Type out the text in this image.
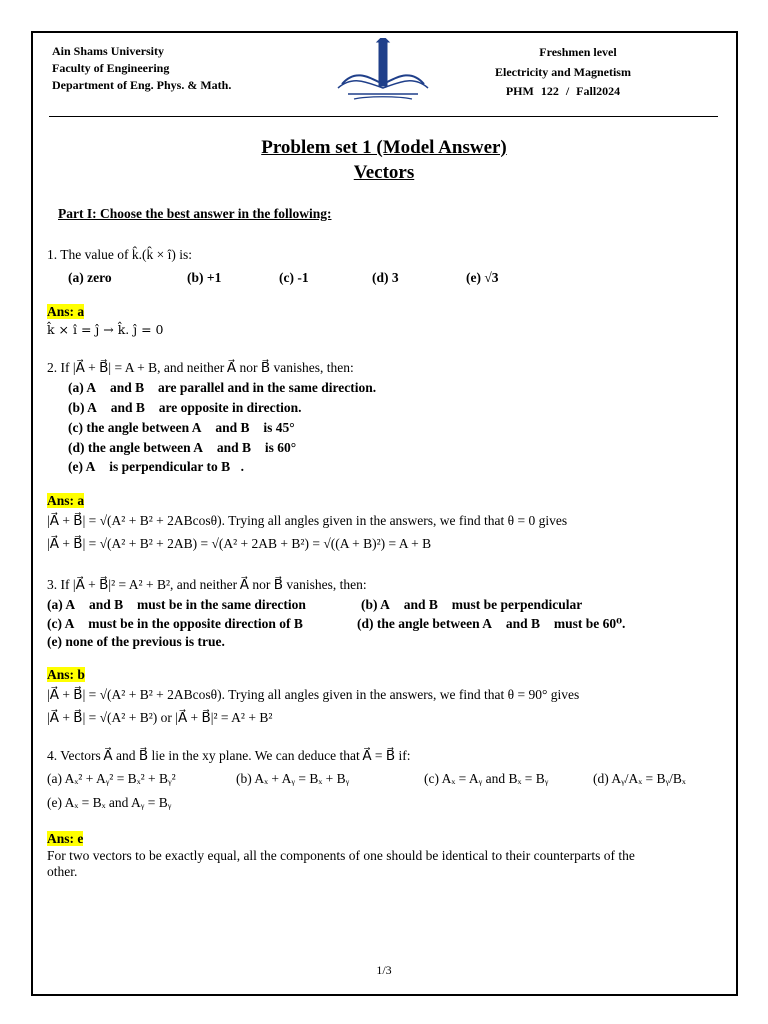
Ain Shams University
Faculty of Engineering
Department of Eng. Phys. & Math.
Freshmen level
Electricity and Magnetism
PHM 122 / Fall2024
Problem set 1 (Model Answer)
Vectors
Part I: Choose the best answer in the following:
1. The value of k̂.(k̂ × î) is:
(a) zero	(b) +1	(c) -1	(d) 3	(e) √3
Ans: a
k̂ × î = ĵ → k̂. ĵ = 0
2. If |A⃗ + B⃗| = A + B, and neither A⃗ nor B⃗ vanishes, then:
(a) A⃗ and B⃗ are parallel and in the same direction.
(b) A⃗ and B⃗ are opposite in direction.
(c) the angle between A⃗ and B⃗ is 45°
(d) the angle between A⃗ and B⃗ is 60°
(e) A⃗ is perpendicular to B⃗.
Ans: a
|A⃗ + B⃗| = √(A² + B² + 2ABcosθ). Trying all angles given in the answers, we find that θ = 0 gives
|A⃗ + B⃗| = √(A² + B² + 2AB) = √(A² + 2AB + B²) = √((A + B)²) = A + B
3. If |A⃗ + B⃗|² = A² + B², and neither A⃗ nor B⃗ vanishes, then:
(a) A⃗ and B⃗ must be in the same direction	(b) A⃗ and B⃗ must be perpendicular
(c) A⃗ must be in the opposite direction of B⃗	(d) the angle between A⃗ and B⃗ must be 60⁰.
(e) none of the previous is true.
Ans: b
|A⃗ + B⃗| = √(A² + B² + 2ABcosθ). Trying all angles given in the answers, we find that θ = 90° gives
|A⃗ + B⃗| = √(A² + B²) or |A⃗ + B⃗|² = A² + B²
4. Vectors A⃗ and B⃗ lie in the xy plane. We can deduce that A⃗ = B⃗ if:
(a) Aₓ² + Aᵧ² = Bₓ² + Bᵧ²	(b) Aₓ + Aᵧ = Bₓ + Bᵧ	(c) Aₓ = Aᵧ and Bₓ = Bᵧ	(d) Aᵧ/Aₓ = Bᵧ/Bₓ
(e) Aₓ = Bₓ and Aᵧ = Bᵧ
Ans: e
For two vectors to be exactly equal, all the components of one should be identical to their counterparts of the
other.
1/3
